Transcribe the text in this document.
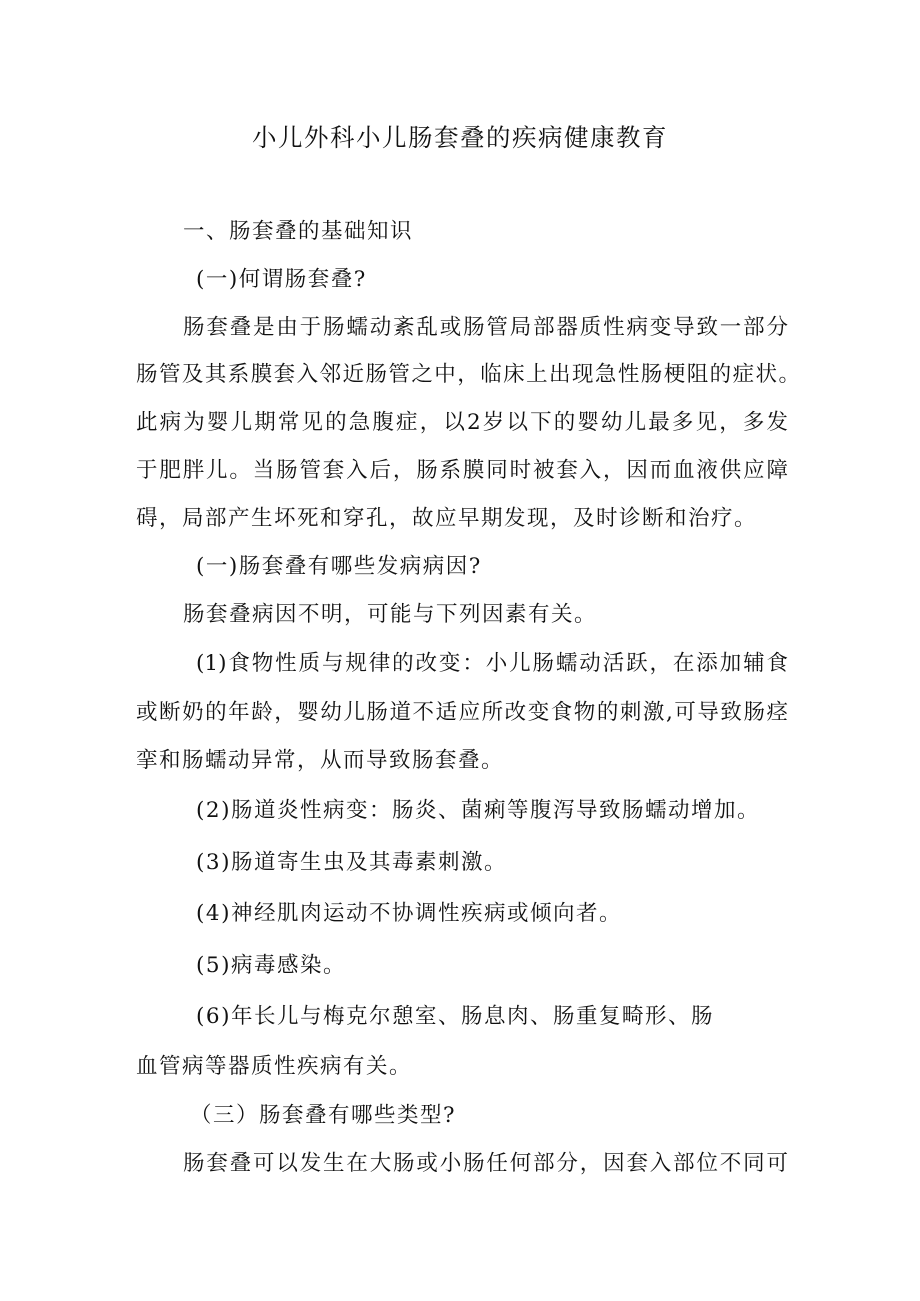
小儿外科小儿肠套叠的疾病健康教育
一、肠套叠的基础知识
(一)何谓肠套叠?
肠套叠是由于肠蠕动紊乱或肠管局部器质性病变导致一部分
肠管及其系膜套入邻近肠管之中，临床上出现急性肠梗阻的症状。
此病为婴儿期常见的急腹症，以2岁以下的婴幼儿最多见，多发
于肥胖儿。当肠管套入后，肠系膜同时被套入，因而血液供应障
碍，局部产生坏死和穿孔，故应早期发现，及时诊断和治疗。
(一)肠套叠有哪些发病病因?
肠套叠病因不明，可能与下列因素有关。
(1)食物性质与规律的改变：小儿肠蠕动活跃，在添加辅食
或断奶的年龄，婴幼儿肠道不适应所改变食物的刺激,可导致肠痉
挛和肠蠕动异常，从而导致肠套叠。
(2)肠道炎性病变：肠炎、菌痢等腹泻导致肠蠕动增加。
(3)肠道寄生虫及其毒素刺激。
(4)神经肌肉运动不协调性疾病或倾向者。
(5)病毒感染。
(6)年长儿与梅克尔憩室、肠息肉、肠重复畸形、肠
血管病等器质性疾病有关。
（三）肠套叠有哪些类型?
肠套叠可以发生在大肠或小肠任何部分，因套入部位不同可
